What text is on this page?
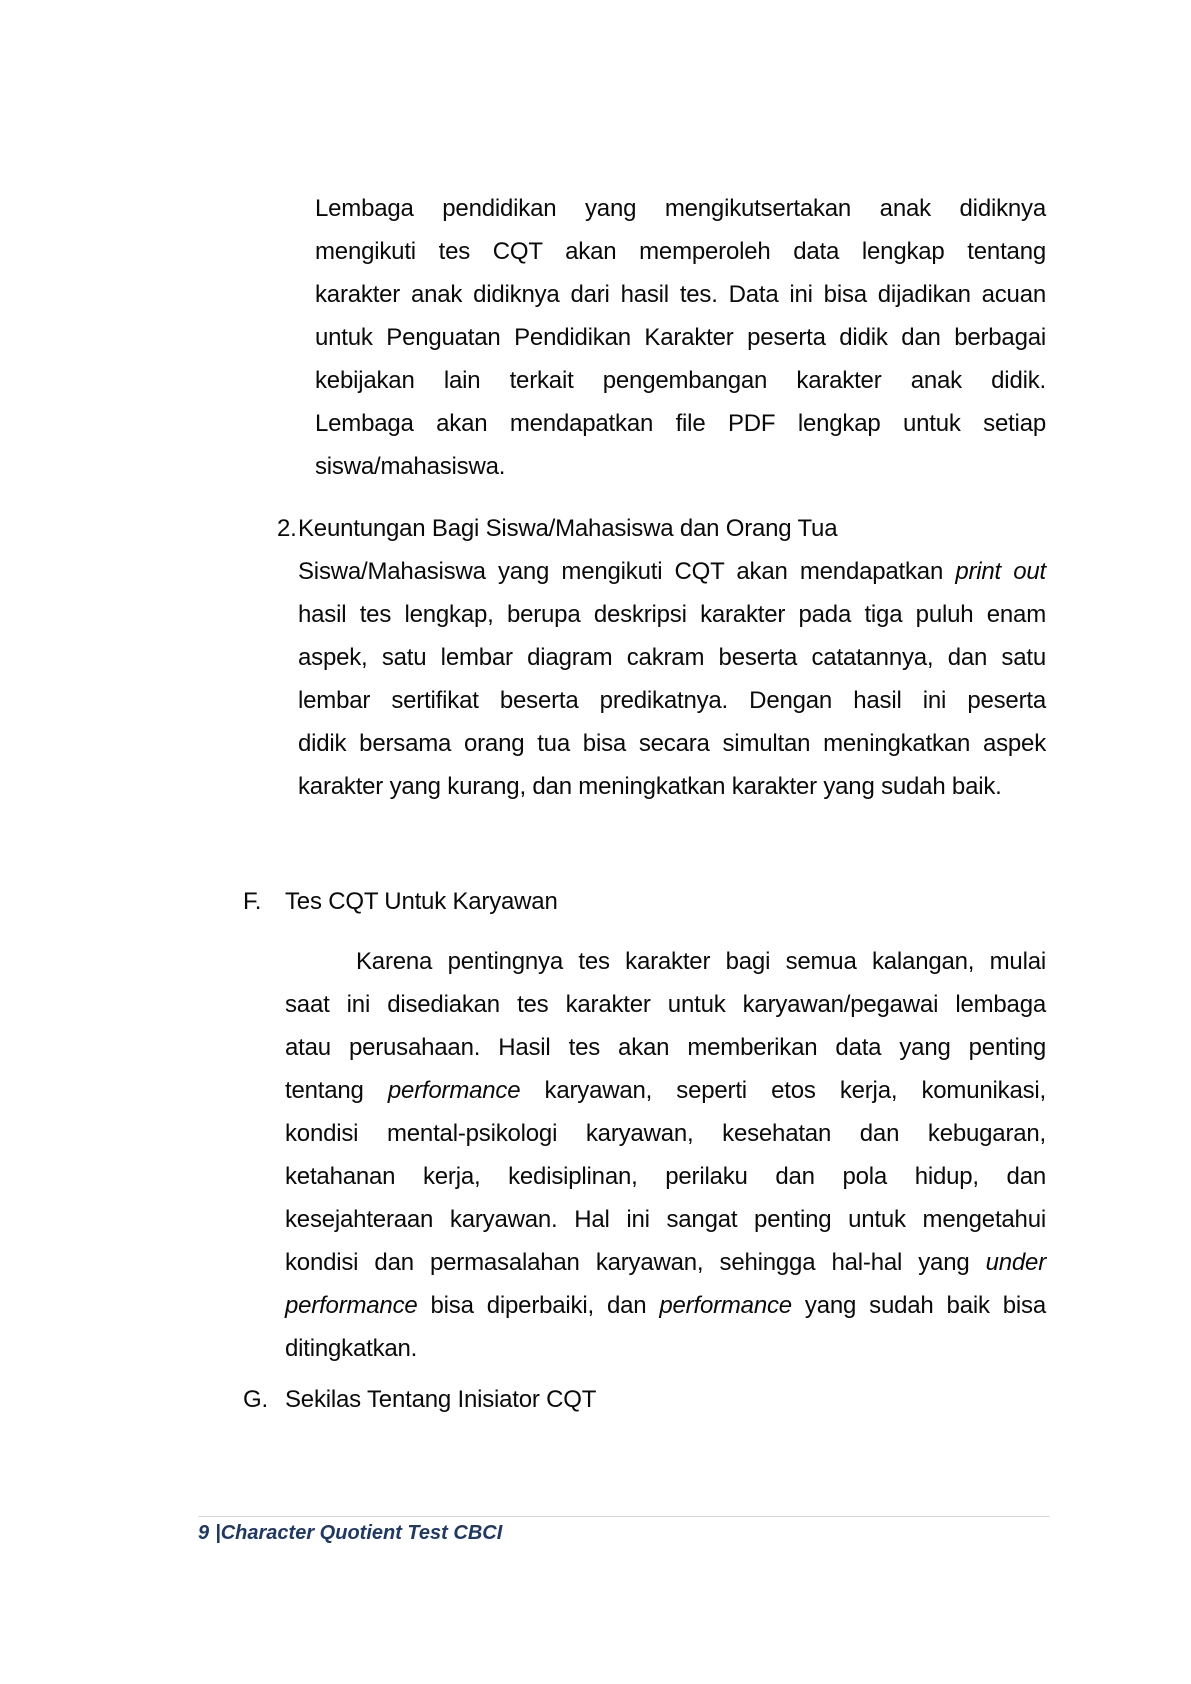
Lembaga pendidikan yang mengikutsertakan anak didiknya
mengikuti tes CQT akan memperoleh data lengkap tentang
karakter anak didiknya dari hasil tes. Data ini bisa dijadikan acuan
untuk Penguatan Pendidikan Karakter peserta didik dan berbagai
kebijakan lain terkait pengembangan karakter anak didik.
Lembaga akan mendapatkan file PDF lengkap untuk setiap
siswa/mahasiswa.
2. Keuntungan Bagi Siswa/Mahasiswa dan Orang Tua
Siswa/Mahasiswa yang mengikuti CQT akan mendapatkan print out
hasil tes lengkap, berupa deskripsi karakter pada tiga puluh enam
aspek, satu lembar diagram cakram beserta catatannya, dan satu
lembar sertifikat beserta predikatnya. Dengan hasil ini peserta
didik bersama orang tua bisa secara simultan meningkatkan aspek
karakter yang kurang, dan meningkatkan karakter yang sudah baik.
F. Tes CQT Untuk Karyawan
Karena pentingnya tes karakter bagi semua kalangan, mulai
saat ini disediakan tes karakter untuk karyawan/pegawai lembaga
atau perusahaan. Hasil tes akan memberikan data yang penting
tentang performance karyawan, seperti etos kerja, komunikasi,
kondisi mental-psikologi karyawan, kesehatan dan kebugaran,
ketahanan kerja, kedisiplinan, perilaku dan pola hidup, dan
kesejahteraan karyawan. Hal ini sangat penting untuk mengetahui
kondisi dan permasalahan karyawan, sehingga hal-hal yang under
performance bisa diperbaiki, dan performance yang sudah baik bisa
ditingkatkan.
G. Sekilas Tentang Inisiator CQT
9 |Character Quotient Test CBCI
